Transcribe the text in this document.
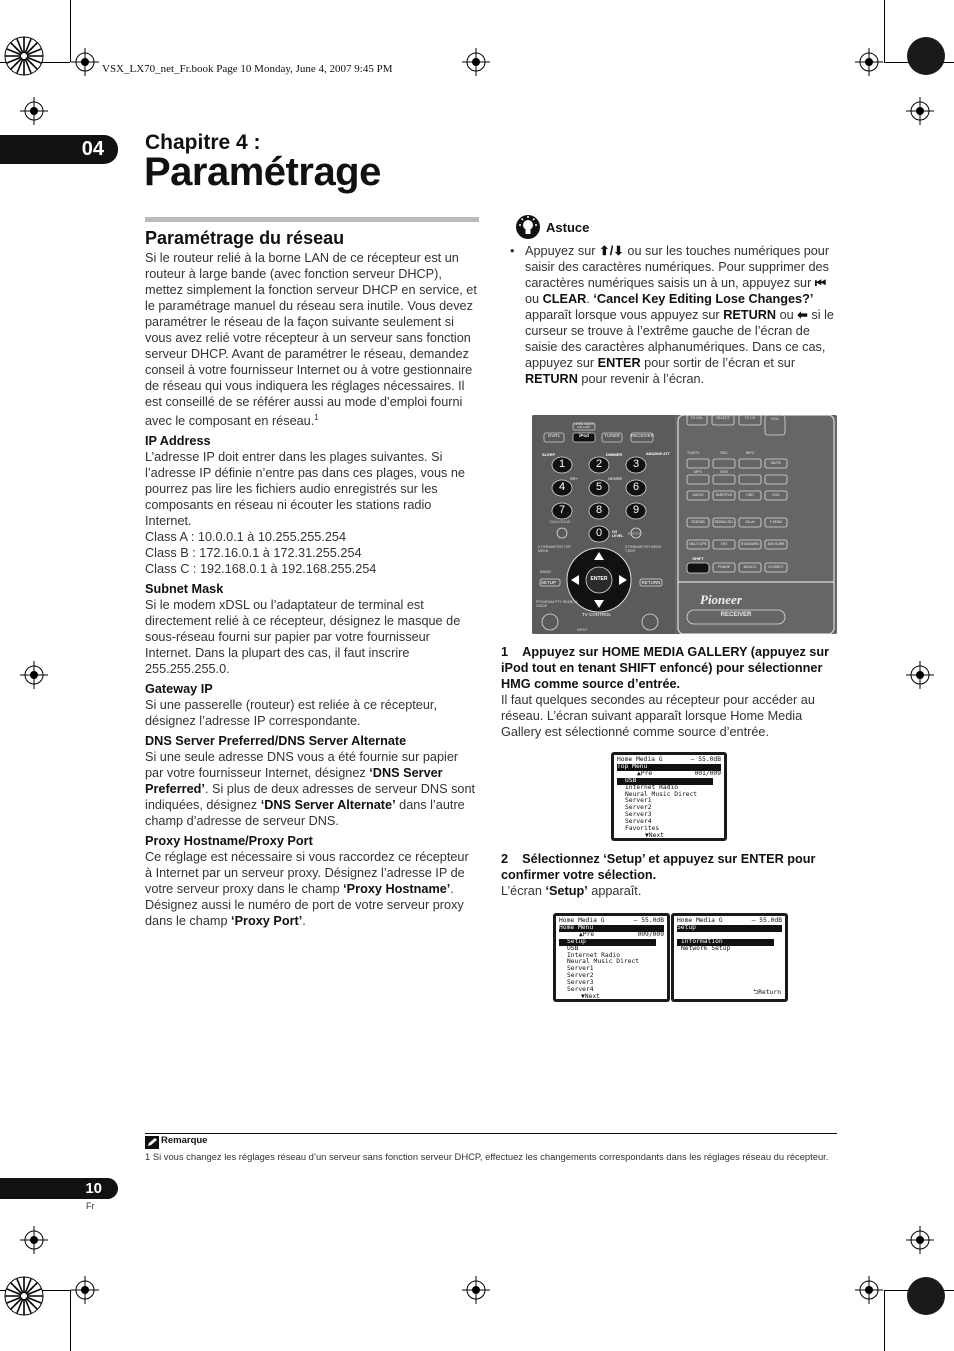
VSX_LX70_net_Fr.book Page 10 Monday, June 4, 2007 9:45 PM
04	Chapitre 4 :
Paramétrage
Paramétrage du réseau

Si le routeur relié à la borne LAN de ce récepteur est un routeur à large bande (avec fonction serveur DHCP), mettez simplement la fonction serveur DHCP en service, et le paramétrage manuel du réseau sera inutile. Vous devez paramétrer le réseau de la façon suivante seulement si vous avez relié votre récepteur à un serveur sans fonction serveur DHCP. Avant de paramétrer le réseau, demandez conseil à votre fournisseur Internet ou à votre gestionnaire de réseau qui vous indiquera les réglages nécessaires. Il est conseillé de se référer aussi au mode d’emploi fourni avec le composant en réseau.$^1$

IP Address

L’adresse IP doit entrer dans les plages suivantes. Si l’adresse IP définie n’entre pas dans ces plages, vous ne pourrez pas lire les fichiers audio enregistrés sur les composants en réseau ni écouter les stations radio Internet.

Class A : 10.0.0.1 à 10.255.255.254

Class B : 172.16.0.1 à 172.31.255.254

Class C : 192.168.0.1 à 192.168.255.254

Subnet Mask

Si le modem xDSL ou l’adaptateur de terminal est directement relié à ce récepteur, désignez le masque de sous-réseau fourni sur papier par votre fournisseur Internet. Dans la plupart des cas, il faut inscrire 255.255.255.0.

Gateway IP

Si une passerelle (routeur) est reliée à ce récepteur, désignez l’adresse IP correspondante.

DNS Server Preferred/DNS Server Alternate

Si une seule adresse DNS vous a été fournie sur papier par votre fournisseur Internet, désignez ‘DNS Server Preferred’. Si plus de deux adresses de serveur DNS sont indiquées, désignez ‘DNS Server Alternate’ dans l’autre champ d’adresse de serveur DNS.

Proxy Hostname/Proxy Port

Ce réglage est nécessaire si vous raccordez ce récepteur à Internet par un serveur proxy. Désignez l’adresse IP de votre serveur proxy dans le champ ‘Proxy Hostname’. Désignez aussi le numéro de port de votre serveur proxy dans le champ ‘Proxy Port’.

Astuce
• Appuyez sur ⬆/⬇ ou sur les touches numériques pour saisir des caractères numériques. Pour supprimer des caractères numériques saisis un à un, appuyez sur ⏮ ou CLEAR. ‘Cancel Key Editing Lose Changes?’ apparaît lorsque vous appuyez sur RETURN ou ⬅ si le curseur se trouve à l’extrême gauche de l’écran de saisie des caractères alphanumériques. Dans ce cas, appuyez sur ENTER pour sortir de l’écran et sur RETURN pour revenir à l’écran.

DVR1	iPod	TUNER	RECEIVER
HOME MEDIA GALLERY
SLEEP	DIMMER	AMAZING ATT
SR+	GENRE
DIALOGUE
ENTER
CH LEVEL
X PARAMETER TOP MENU
S PARAMETER MENU T.EDIT
BAND
SETUP	RETURN
PROGRAM PTY SEARCH GUIDE
TV CONTROL
INPUT
1	2	3
4	5	6
7	8	9
0
ENTER
TV VOL	SELECT	TV CH	VOL
TV/DTV	REC	INFO
MPX	EON
AUDIO
MUTE
SUBTITLE	HDD	DVD
STATUS	SIGNAL SEL	Sb ch	F.HDMI
MULTI OPE	THX	STANDARD	ADV.SURR
SHIFT
PHASE	MCACC	S.DIRECT
Pioneer
RECEIVER
1 Appuyez sur HOME MEDIA GALLERY (appuyez sur iPod tout en tenant SHIFT enfoncé) pour sélectionner HMG comme source d’entrée.

Il faut quelques secondes au récepteur pour accéder au réseau. L’écran suivant apparaît lorsque Home Media Gallery est sélectionné comme source d’entrée.

Home Media G	– 55.0dB
Top Menu
▲Pre	001/009
USB
Internet Radio
Neural Music Direct
Server1
Server2
Server3
Server4
Favorites
▼Next
2 Sélectionnez ‘Setup’ et appuyez sur ENTER pour confirmer votre sélection.

L’écran ‘Setup’ apparaît.

Home Media G	– 55.0dB
Home Menu
▲Pre	009/009
Setup
USB
Internet Radio
Neural Music Direct
Server1
Server2
Server3
Server4
▼Next
Home Media G	– 55.0dB
Setup
Information
Network Setup
⮌Return
Remarque

1 Si vous changez les réglages réseau d’un serveur sans fonction serveur DHCP, effectuez les changements correspondants dans les réglages réseau du récepteur.

10
Fr
